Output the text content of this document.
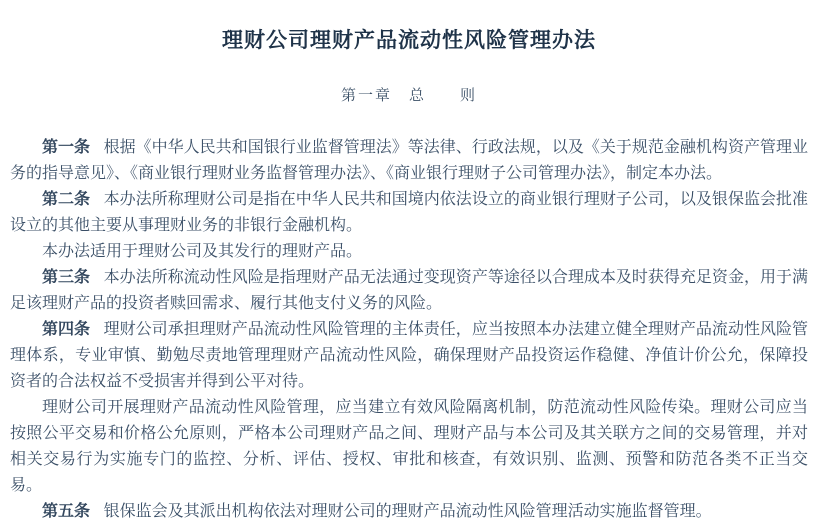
理财公司理财产品流动性风险管理办法
第一章　总　　则

第一条 根据《中华人民共和国银行业监督管理法》等法律、行政法规，以及《关于规范金融机构资产管理业务的指导意见》、《商业银行理财业务监督管理办法》、《商业银行理财子公司管理办法》，制定本办法。

第二条 本办法所称理财公司是指在中华人民共和国境内依法设立的商业银行理财子公司，以及银保监会批准设立的其他主要从事理财业务的非银行金融机构。

本办法适用于理财公司及其发行的理财产品。

第三条 本办法所称流动性风险是指理财产品无法通过变现资产等途径以合理成本及时获得充足资金，用于满足该理财产品的投资者赎回需求、履行其他支付义务的风险。

第四条 理财公司承担理财产品流动性风险管理的主体责任，应当按照本办法建立健全理财产品流动性风险管理体系，专业审慎、勤勉尽责地管理理财产品流动性风险，确保理财产品投资运作稳健、净值计价公允，保障投资者的合法权益不受损害并得到公平对待。

理财公司开展理财产品流动性风险管理，应当建立有效风险隔离机制，防范流动性风险传染。理财公司应当按照公平交易和价格公允原则，严格本公司理财产品之间、理财产品与本公司及其关联方之间的交易管理，并对相关交易行为实施专门的监控、分析、评估、授权、审批和核查，有效识别、监测、预警和防范各类不正当交易。

第五条 银保监会及其派出机构依法对理财公司的理财产品流动性风险管理活动实施监督管理。
